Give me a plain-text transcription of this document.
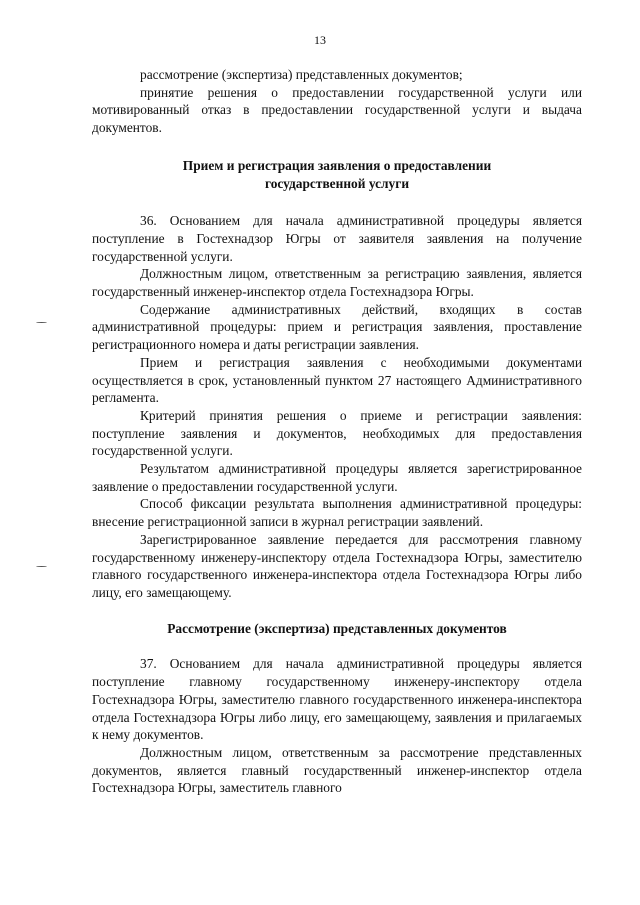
13

рассмотрение (экспертиза) представленных документов;

принятие решения о предоставлении государственной услуги или мотивированный отказ в предоставлении государственной услуги и выдача документов.

Прием и регистрация заявления о предоставлении

государственной услуги

36. Основанием для начала административной процедуры является поступление в Гостехнадзор Югры от заявителя заявления на получение государственной услуги.

Должностным лицом, ответственным за регистрацию заявления, является государственный инженер-инспектор отдела Гостехнадзора Югры.

Содержание административных действий, входящих в состав административной процедуры: прием и регистрация заявления, проставление регистрационного номера и даты регистрации заявления.

Прием и регистрация заявления с необходимыми документами осуществляется в срок, установленный пунктом 27 настоящего Административного регламента.

Критерий принятия решения о приеме и регистрации заявления: поступление заявления и документов, необходимых для предоставления государственной услуги.

Результатом административной процедуры является зарегистрированное заявление о предоставлении государственной услуги.

Способ фиксации результата выполнения административной процедуры: внесение регистрационной записи в журнал регистрации заявлений.

Зарегистрированное заявление передается для рассмотрения главному государственному инженеру-инспектору отдела Гостехнадзора Югры, заместителю главного государственного инженера-инспектора отдела Гостехнадзора Югры либо лицу, его замещающему.

Рассмотрение (экспертиза) представленных документов

37. Основанием для начала административной процедуры является поступление главному государственному инженеру-инспектору отдела Гостехнадзора Югры, заместителю главного государственного инженера-инспектора отдела Гостехнадзора Югры либо лицу, его замещающему, заявления и прилагаемых к нему документов.

Должностным лицом, ответственным за рассмотрение представленных документов, является главный государственный инженер-инспектор отдела Гостехнадзора Югры, заместитель главного
